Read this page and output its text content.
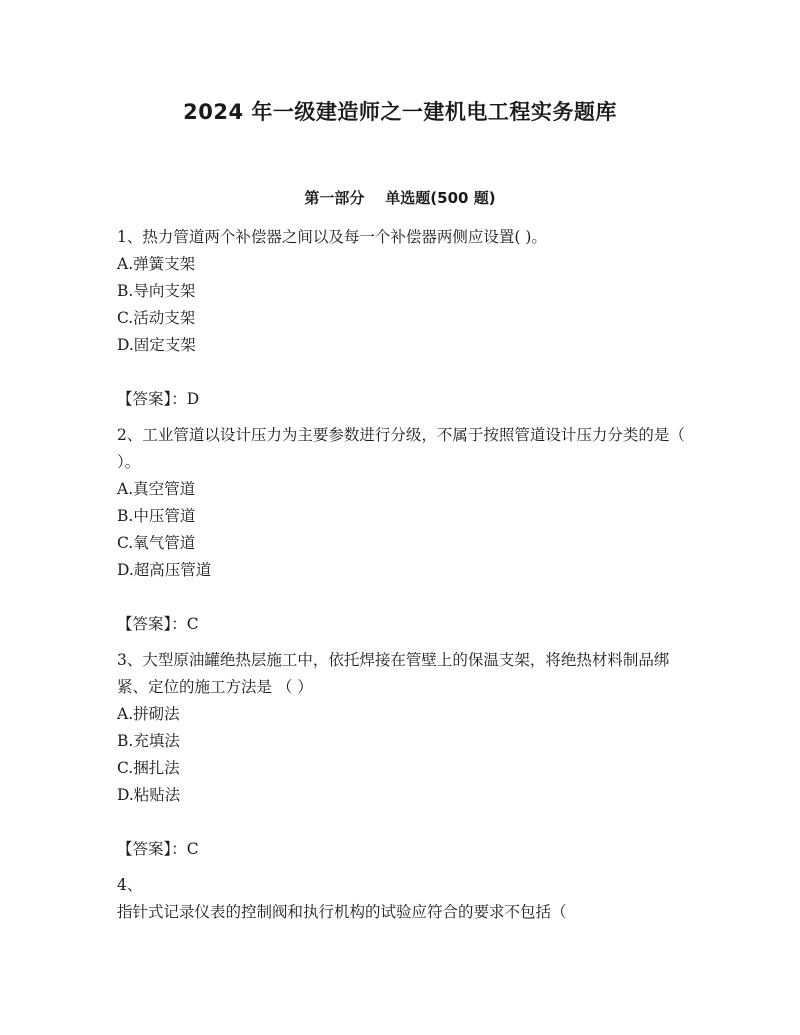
2024 年一级建造师之一建机电工程实务题库
第一部分    单选题(500 题)

1、热力管道两个补偿器之间以及每一个补偿器两侧应设置( )。

A.弹簧支架

B.导向支架

C.活动支架

D.固定支架

【答案】：D

2、工业管道以设计压力为主要参数进行分级，不属于按照管道设计压力分类的是（ ）。

A.真空管道

B.中压管道

C.氧气管道

D.超高压管道

【答案】：C

3、大型原油罐绝热层施工中，依托焊接在管壁上的保温支架，将绝热材料制品绑紧、定位的施工方法是 （ ）

A.拼砌法

B.充填法

C.捆扎法

D.粘贴法

【答案】：C

4、

指针式记录仪表的控制阀和执行机构的试验应符合的要求不包括（
